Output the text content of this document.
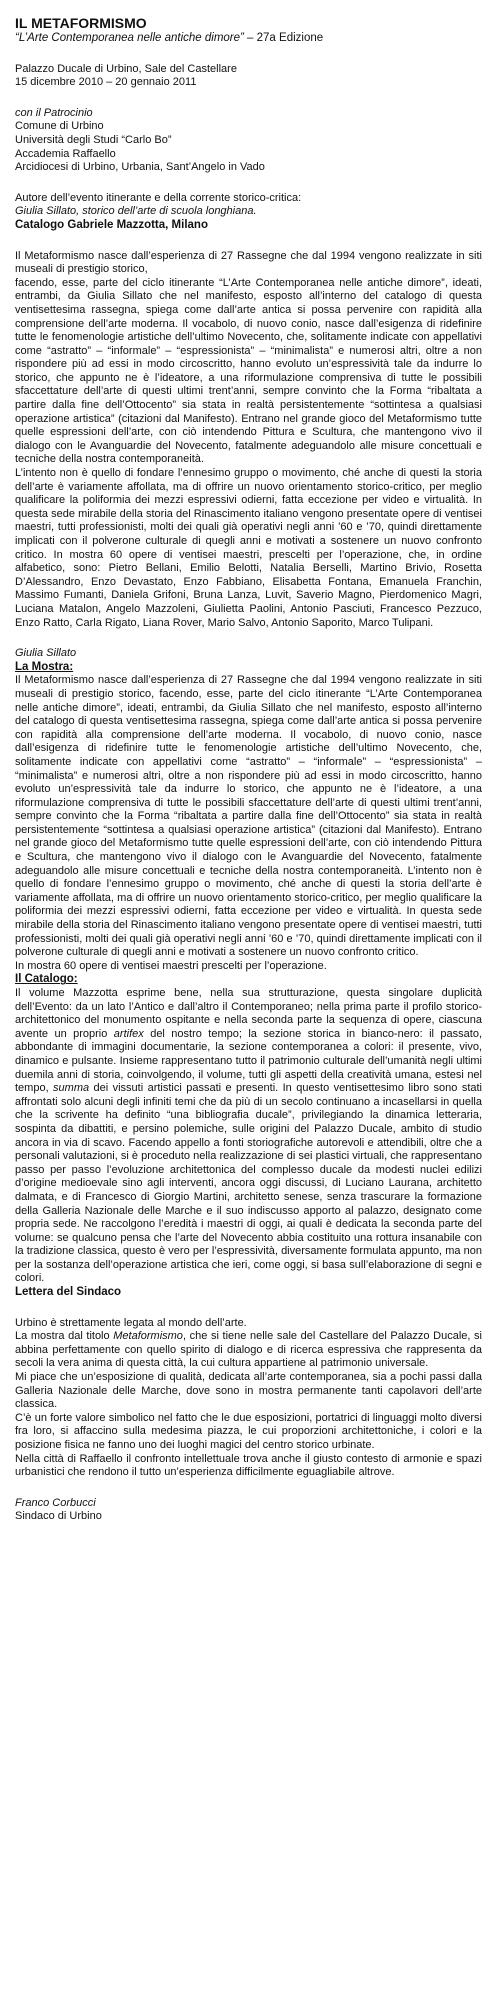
IL METAFORMISMO

“L’Arte Contemporanea nelle antiche dimore” – 27a Edizione

Palazzo Ducale di Urbino, Sale del Castellare
15 dicembre 2010 – 20 gennaio 2011
con il Patrocinio
Comune di Urbino
Università degli Studi “Carlo Bo”
Accademia Raffaello
Arcidiocesi di Urbino, Urbania, Sant’Angelo in Vado
Autore dell’evento itinerante e della corrente storico-critica:
Giulia Sillato, storico dell’arte di scuola longhiana.

Catalogo Gabriele Mazzotta, Milano

Il Metaformismo nasce dall’esperienza di 27 Rassegne che dal 1994 vengono realizzate in siti museali di prestigio storico,

facendo, esse, parte del ciclo itinerante “L’Arte Contemporanea nelle antiche dimore”, ideati, entrambi, da Giulia Sillato che nel manifesto, esposto all’interno del catalogo di questa ventisettesima rassegna, spiega come dall’arte antica si possa pervenire con rapidità alla comprensione dell’arte moderna. Il vocabolo, di nuovo conio, nasce dall’esigenza di ridefinire tutte le fenomenologie artistiche dell’ultimo Novecento, che, solitamente indicate con appellativi come “astratto” – “informale” – “espressionista” – “minimalista” e numerosi altri, oltre a non rispondere più ad essi in modo circoscritto, hanno evoluto un’espressività tale da indurre lo storico, che appunto ne è l’ideatore, a una riformulazione comprensiva di tutte le possibili sfaccettature dell’arte di questi ultimi trent’anni, sempre convinto che la Forma “ribaltata a partire dalla fine dell’Ottocento” sia stata in realtà persistentemente “sottintesa a qualsiasi operazione artistica” (citazioni dal Manifesto). Entrano nel grande gioco del Metaformismo tutte quelle espressioni dell’arte, con ciò intendendo Pittura e Scultura, che mantengono vivo il dialogo con le Avanguardie del Novecento, fatalmente adeguandolo alle misure concettuali e tecniche della nostra contemporaneità.

L’intento non è quello di fondare l’ennesimo gruppo o movimento, ché anche di questi la storia dell’arte è variamente affollata, ma di offrire un nuovo orientamento storico-critico, per meglio qualificare la poliformia dei mezzi espressivi odierni, fatta eccezione per video e virtualità. In questa sede mirabile della storia del Rinascimento italiano vengono presentate opere di ventisei maestri, tutti professionisti, molti dei quali già operativi negli anni ’60 e ’70, quindi direttamente implicati con il polverone culturale di quegli anni e motivati a sostenere un nuovo confronto critico. In mostra 60 opere di ventisei maestri, prescelti per l’operazione, che, in ordine alfabetico, sono: Pietro Bellani, Emilio Belotti, Natalia Berselli, Martino Brivio, Rosetta D’Alessandro, Enzo Devastato, Enzo Fabbiano, Elisabetta Fontana, Emanuela Franchin, Massimo Fumanti, Daniela Grifoni, Bruna Lanza, Luvit, Saverio Magno, Pierdomenico Magri, Luciana Matalon, Angelo Mazzoleni, Giulietta Paolini, Antonio Pasciuti, Francesco Pezzuco, Enzo Ratto, Carla Rigato, Liana Rover, Mario Salvo, Antonio Saporito, Marco Tulipani.

Giulia Sillato

La Mostra:

Il Metaformismo nasce dall’esperienza di 27 Rassegne che dal 1994 vengono realizzate in siti museali di prestigio storico, facendo, esse, parte del ciclo itinerante “L’Arte Contemporanea nelle antiche dimore”, ideati, entrambi, da Giulia Sillato che nel manifesto, esposto all’interno del catalogo di questa ventisettesima rassegna, spiega come dall’arte antica si possa pervenire con rapidità alla comprensione dell’arte moderna. Il vocabolo, di nuovo conio, nasce dall’esigenza di ridefinire tutte le fenomenologie artistiche dell’ultimo Novecento, che, solitamente indicate con appellativi come “astratto” – “informale” – “espressionista” – “minimalista” e numerosi altri, oltre a non rispondere più ad essi in modo circoscritto, hanno evoluto un’espressività tale da indurre lo storico, che appunto ne è l’ideatore, a una riformulazione comprensiva di tutte le possibili sfaccettature dell’arte di questi ultimi trent’anni, sempre convinto che la Forma “ribaltata a partire dalla fine dell’Ottocento” sia stata in realtà persistentemente “sottintesa a qualsiasi operazione artistica” (citazioni dal Manifesto). Entrano nel grande gioco del Metaformismo tutte quelle espressioni dell’arte, con ciò intendendo Pittura e Scultura, che mantengono vivo il dialogo con le Avanguardie del Novecento, fatalmente adeguandolo alle misure concettuali e tecniche della nostra contemporaneità. L’intento non è quello di fondare l’ennesimo gruppo o movimento, ché anche di questi la storia dell’arte è variamente affollata, ma di offrire un nuovo orientamento storico-critico, per meglio qualificare la poliformia dei mezzi espressivi odierni, fatta eccezione per video e virtualità. In questa sede mirabile della storia del Rinascimento italiano vengono presentate opere di ventisei maestri, tutti professionisti, molti dei quali già operativi negli anni ’60 e ’70, quindi direttamente implicati con il polverone culturale di quegli anni e motivati a sostenere un nuovo confronto critico.

In mostra 60 opere di ventisei maestri prescelti per l’operazione.

Il Catalogo:

Il volume Mazzotta esprime bene, nella sua strutturazione, questa singolare duplicità dell’Evento: da un lato l’Antico e dall’altro il Contemporaneo; nella prima parte il profilo storico-architettonico del monumento ospitante e nella seconda parte la sequenza di opere, ciascuna avente un proprio artifex del nostro tempo; la sezione storica in bianco-nero: il passato, abbondante di immagini documentarie, la sezione contemporanea a colori: il presente, vivo, dinamico e pulsante. Insieme rappresentano tutto il patrimonio culturale dell’umanità negli ultimi duemila anni di storia, coinvolgendo, il volume, tutti gli aspetti della creatività umana, estesi nel tempo, summa dei vissuti artistici passati e presenti. In questo ventisettesimo libro sono stati affrontati solo alcuni degli infiniti temi che da più di un secolo continuano a incasellarsi in quella che la scrivente ha definito “una bibliografia ducale”, privilegiando la dinamica letteraria, sospinta da dibattiti, e persino polemiche, sulle origini del Palazzo Ducale, ambito di studio ancora in via di scavo. Facendo appello a fonti storiografiche autorevoli e attendibili, oltre che a personali valutazioni, si è proceduto nella realizzazione di sei plastici virtuali, che rappresentano passo per passo l’evoluzione architettonica del complesso ducale da modesti nuclei edilizi d’origine medioevale sino agli interventi, ancora oggi discussi, di Luciano Laurana, architetto dalmata, e di Francesco di Giorgio Martini, architetto senese, senza trascurare la formazione della Galleria Nazionale delle Marche e il suo indiscusso apporto al palazzo, designato come propria sede. Ne raccolgono l’eredità i maestri di oggi, ai quali è dedicata la seconda parte del volume: se qualcuno pensa che l’arte del Novecento abbia costituito una rottura insanabile con la tradizione classica, questo è vero per l’espressività, diversamente formulata appunto, ma non per la sostanza dell’operazione artistica che ieri, come oggi, si basa sull’elaborazione di segni e colori.

Lettera del Sindaco

Urbino è strettamente legata al mondo dell’arte.

La mostra dal titolo Metaformismo, che si tiene nelle sale del Castellare del Palazzo Ducale, si abbina perfettamente con quello spirito di dialogo e di ricerca espressiva che rappresenta da secoli la vera anima di questa città, la cui cultura appartiene al patrimonio universale.

Mi piace che un’esposizione di qualità, dedicata all’arte contemporanea, sia a pochi passi dalla Galleria Nazionale delle Marche, dove sono in mostra permanente tanti capolavori dell’arte classica.

C’è un forte valore simbolico nel fatto che le due esposizioni, portatrici di linguaggi molto diversi fra loro, si affaccino sulla medesima piazza, le cui proporzioni architettoniche, i colori e la posizione fisica ne fanno uno dei luoghi magici del centro storico urbinate.

Nella città di Raffaello il confronto intellettuale trova anche il giusto contesto di armonie e spazi urbanistici che rendono il tutto un’esperienza difficilmente eguagliabile altrove.

Franco Corbucci
Sindaco di Urbino
